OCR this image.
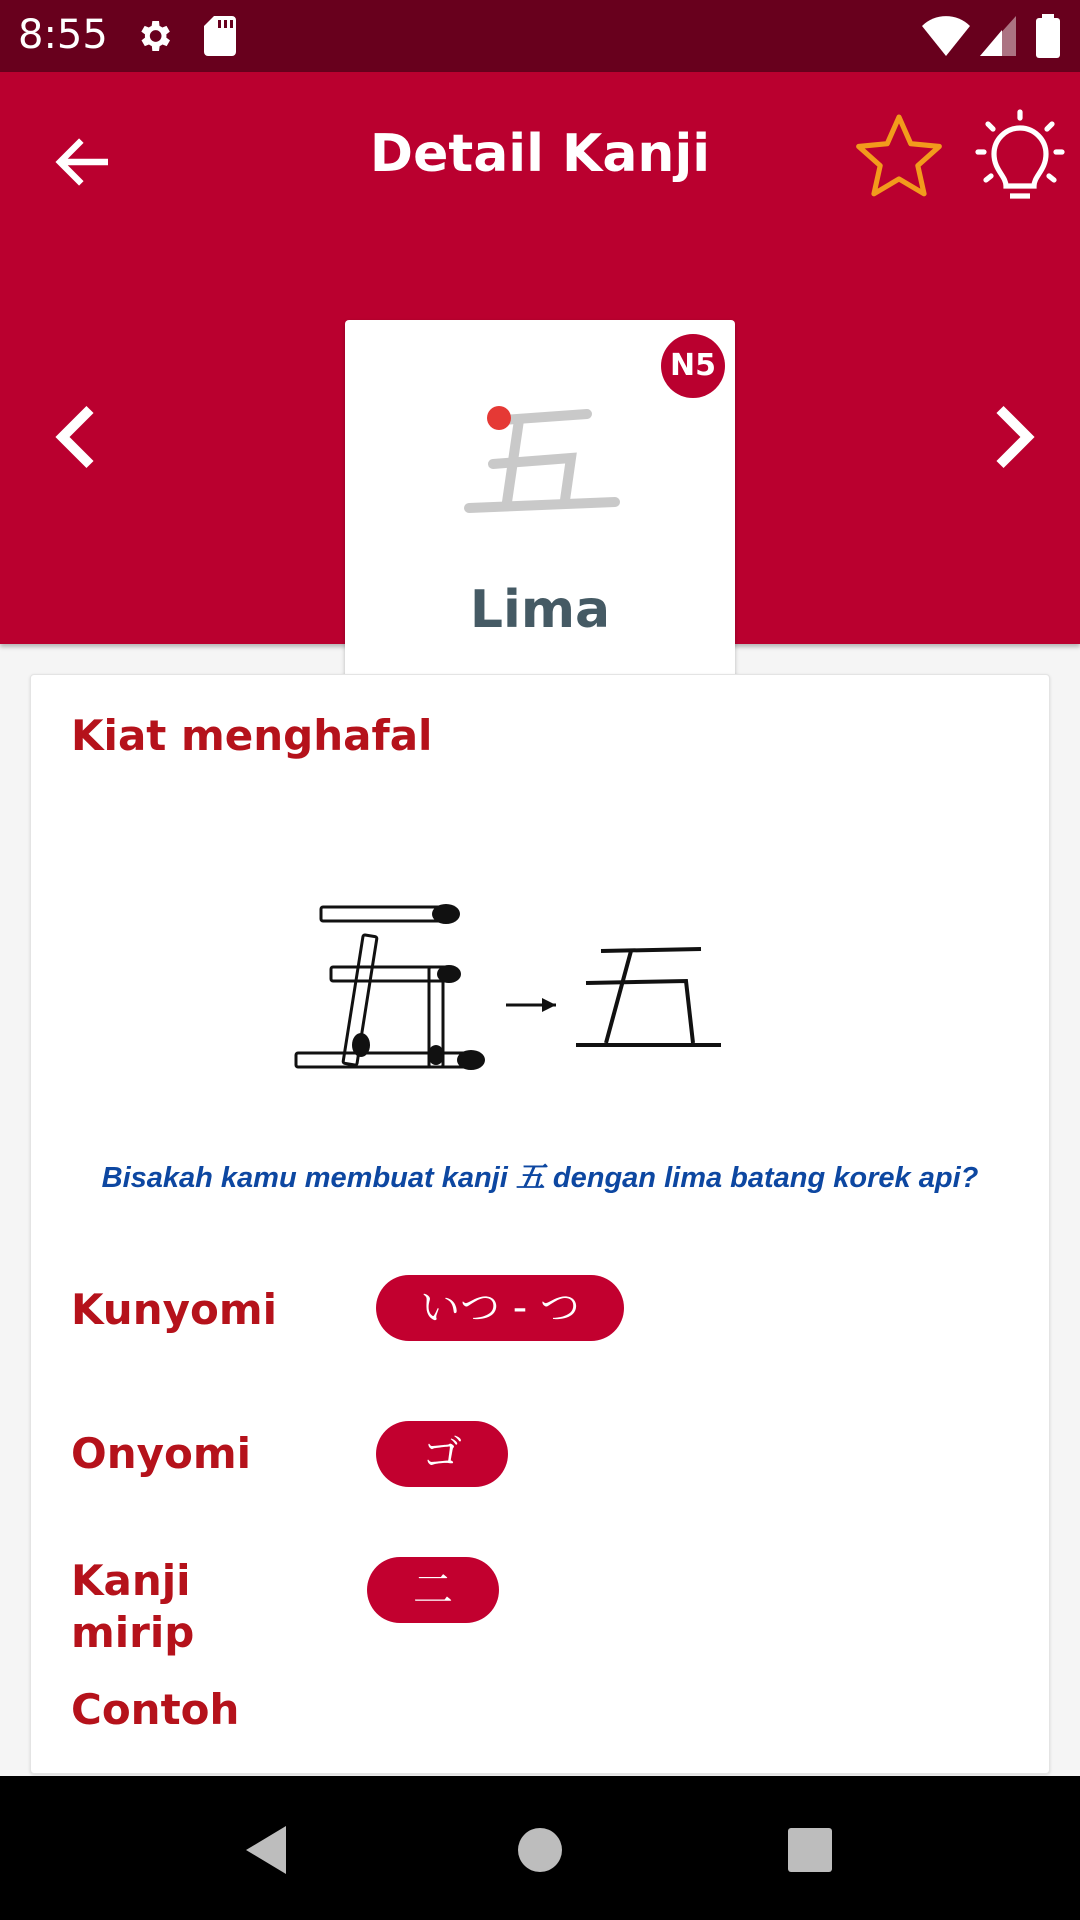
8:55
Detail Kanji
N5
五
Lima
Kiat menghafal
Bisakah kamu membuat kanji 五 dengan lima batang korek api?
Kunyomi	いつ - つ
Onyomi	ゴ
Kanji mirip
二
Contoh
